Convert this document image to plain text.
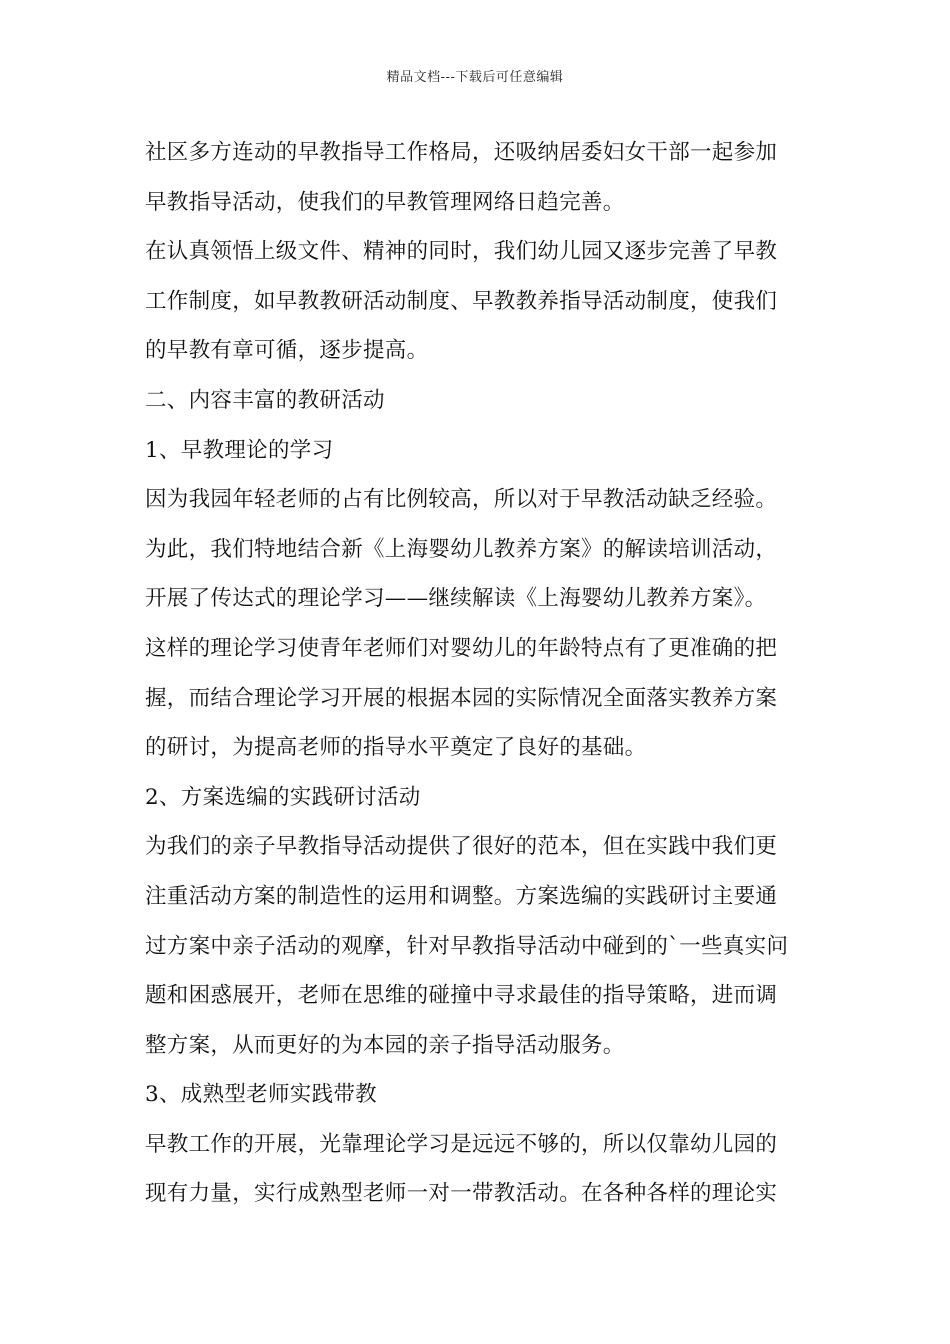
精品文档---下载后可任意编辑
社区多方连动的早教指导工作格局，还吸纳居委妇女干部一起参加
早教指导活动，使我们的早教管理网络日趋完善。
在认真领悟上级文件、精神的同时，我们幼儿园又逐步完善了早教
工作制度，如早教教研活动制度、早教教养指导活动制度，使我们
的早教有章可循，逐步提高。
二、内容丰富的教研活动
1、早教理论的学习
因为我园年轻老师的占有比例较高，所以对于早教活动缺乏经验。
为此，我们特地结合新《上海婴幼儿教养方案》的解读培训活动，
开展了传达式的理论学习——继续解读《上海婴幼儿教养方案》。
这样的理论学习使青年老师们对婴幼儿的年龄特点有了更准确的把
握，而结合理论学习开展的根据本园的实际情况全面落实教养方案
的研讨，为提高老师的指导水平奠定了良好的基础。
2、方案选编的实践研讨活动
为我们的亲子早教指导活动提供了很好的范本，但在实践中我们更
注重活动方案的制造性的运用和调整。方案选编的实践研讨主要通
过方案中亲子活动的观摩，针对早教指导活动中碰到的`一些真实问
题和困惑展开，老师在思维的碰撞中寻求最佳的指导策略，进而调
整方案，从而更好的为本园的亲子指导活动服务。
3、成熟型老师实践带教
早教工作的开展，光靠理论学习是远远不够的，所以仅靠幼儿园的
现有力量，实行成熟型老师一对一带教活动。在各种各样的理论实
